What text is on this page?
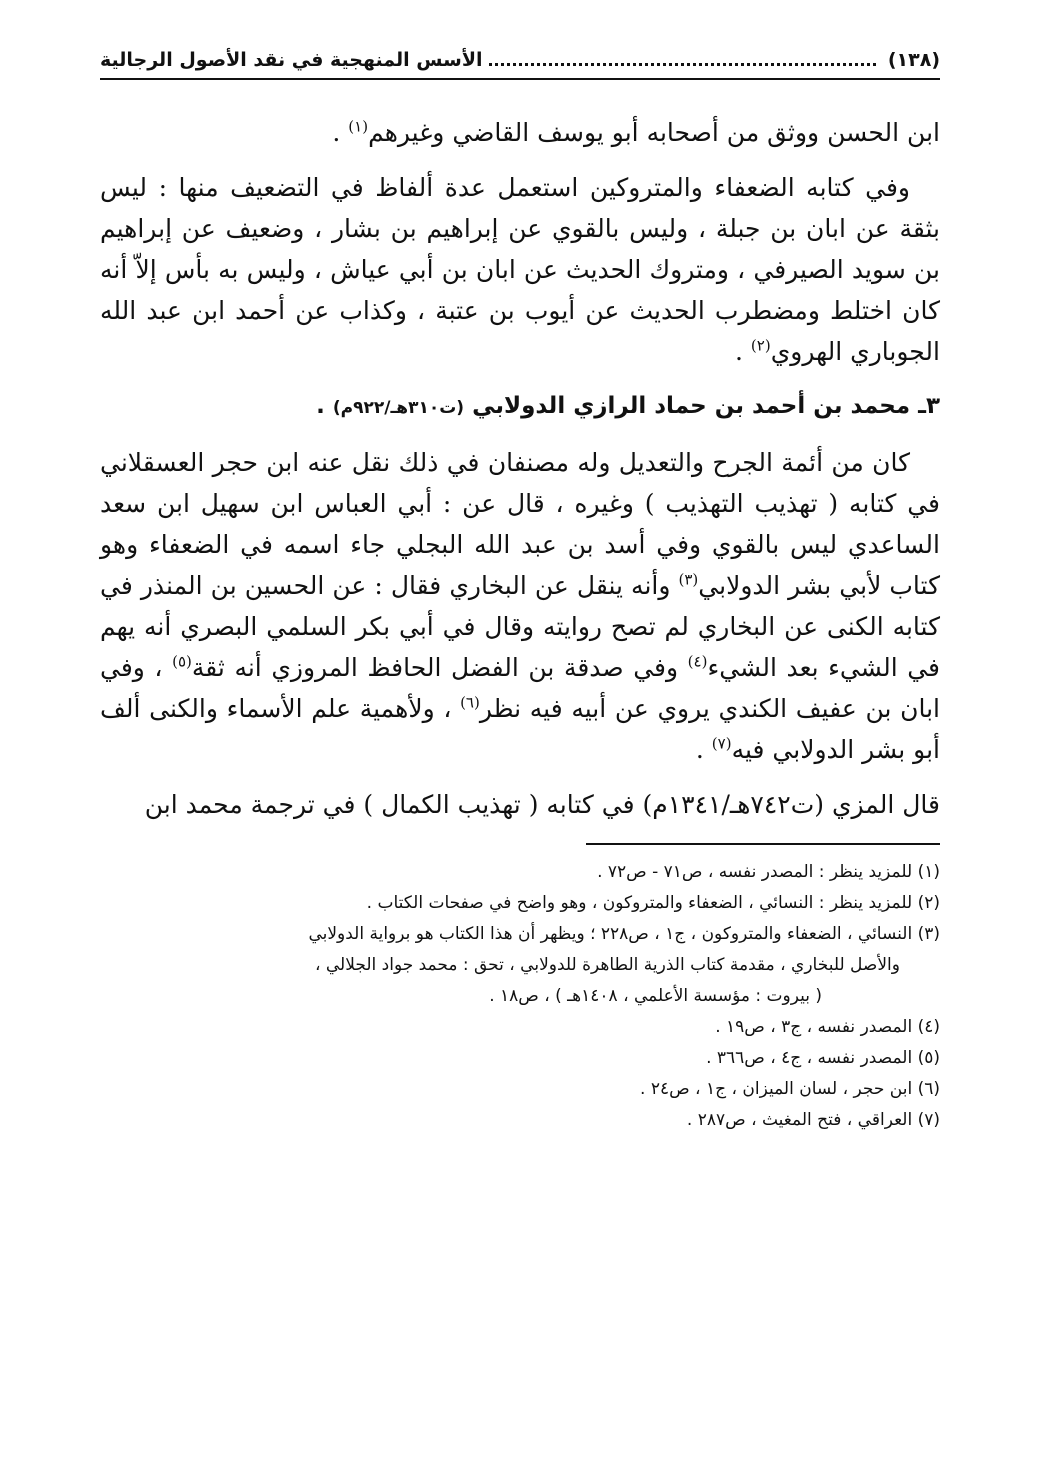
(١٣٨)
الأسس المنهجية في نقد الأصول الرجالية

ابن الحسن ووثق من أصحابه أبو يوسف القاضي وغيرهم$^{(١)}$ .

وفي كتابه الضعفاء والمتروكين استعمل عدة ألفاظ في التضعيف منها : ليس بثقة عن ابان بن جبلة ، وليس بالقوي عن إبراهيم بن بشار ، وضعيف عن إبراهيم بن سويد الصيرفي ، ومتروك الحديث عن ابان بن أبي عياش ، وليس به بأس إلاّ أنه كان اختلط ومضطرب الحديث عن أيوب بن عتبة ، وكذاب عن أحمد ابن عبد الله الجوباري الهروي$^{(٢)}$ .

٣ـ محمد بن أحمد بن حماد الرازي الدولابي (ت٣١٠هـ/٩٢٢م) .

كان من أئمة الجرح والتعديل وله مصنفان في ذلك نقل عنه ابن حجر العسقلاني في كتابه ( تهذيب التهذيب ) وغيره ، قال عن : أبي العباس ابن سهيل ابن سعد الساعدي ليس بالقوي وفي أسد بن عبد الله البجلي جاء اسمه في الضعفاء وهو كتاب لأبي بشر الدولابي$^{(٣)}$ وأنه ينقل عن البخاري فقال : عن الحسين بن المنذر في كتابه الكنى عن البخاري لم تصح روايته وقال في أبي بكر السلمي البصري أنه يهم في الشيء بعد الشيء$^{(٤)}$ وفي صدقة بن الفضل الحافظ المروزي أنه ثقة$^{(٥)}$ ، وفي ابان بن عفيف الكندي يروي عن أبيه فيه نظر$^{(٦)}$ ، ولأهمية علم الأسماء والكنى ألف أبو بشر الدولابي فيه$^{(٧)}$ .

قال المزي (ت٧٤٢هـ/١٣٤١م) في كتابه ( تهذيب الكمال ) في ترجمة محمد ابن

(١) للمزيد ينظر : المصدر نفسه ، ص٧١ - ص٧٢ .

(٢) للمزيد ينظر : النسائي ، الضعفاء والمتروكون ، وهو واضح في صفحات الكتاب .

(٣) النسائي ، الضعفاء والمتروكون ، ج١ ، ص٢٢٨ ؛ ويظهر أن هذا الكتاب هو برواية الدولابي

والأصل للبخاري ، مقدمة كتاب الذرية الطاهرة للدولابي ، تحق : محمد جواد الجلالي ،

( بيروت : مؤسسة الأعلمي ، ١٤٠٨هـ ) ، ص١٨ .

(٤) المصدر نفسه ، ج٣ ، ص١٩ .

(٥) المصدر نفسه ، ج٤ ، ص٣٦٦ .

(٦) ابن حجر ، لسان الميزان ، ج١ ، ص٢٤ .

(٧) العراقي ، فتح المغيث ، ص٢٨٧ .
